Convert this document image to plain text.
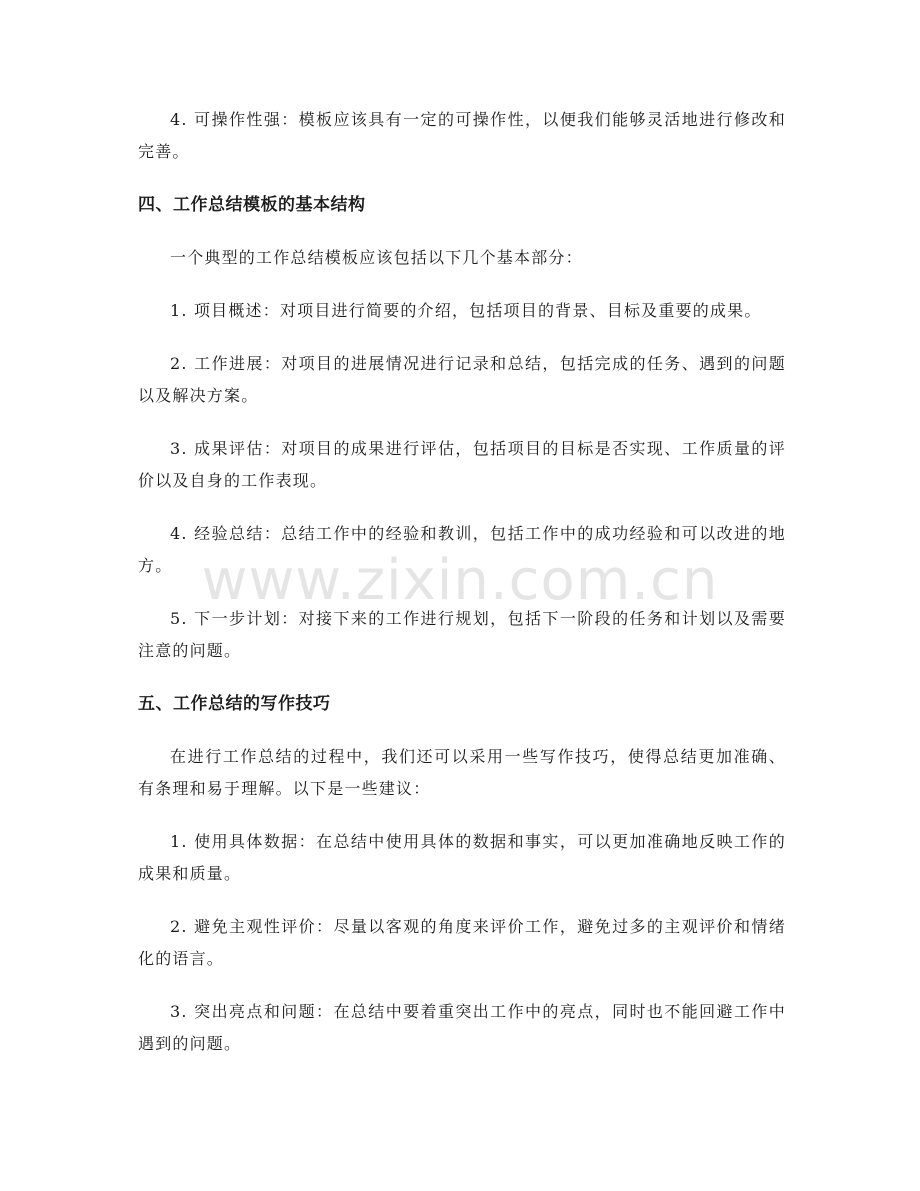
4. 可操作性强：模板应该具有一定的可操作性，以便我们能够灵活地进行修改和完善。

四、工作总结模板的基本结构

一个典型的工作总结模板应该包括以下几个基本部分：

1. 项目概述：对项目进行简要的介绍，包括项目的背景、目标及重要的成果。

2. 工作进展：对项目的进展情况进行记录和总结，包括完成的任务、遇到的问题以及解决方案。

3. 成果评估：对项目的成果进行评估，包括项目的目标是否实现、工作质量的评价以及自身的工作表现。

4. 经验总结：总结工作中的经验和教训，包括工作中的成功经验和可以改进的地方。

5. 下一步计划：对接下来的工作进行规划，包括下一阶段的任务和计划以及需要注意的问题。

五、工作总结的写作技巧

在进行工作总结的过程中，我们还可以采用一些写作技巧，使得总结更加准确、有条理和易于理解。以下是一些建议：

1. 使用具体数据：在总结中使用具体的数据和事实，可以更加准确地反映工作的成果和质量。

2. 避免主观性评价：尽量以客观的角度来评价工作，避免过多的主观评价和情绪化的语言。

3. 突出亮点和问题：在总结中要着重突出工作中的亮点，同时也不能回避工作中遇到的问题。

www.zixin.com.cn
